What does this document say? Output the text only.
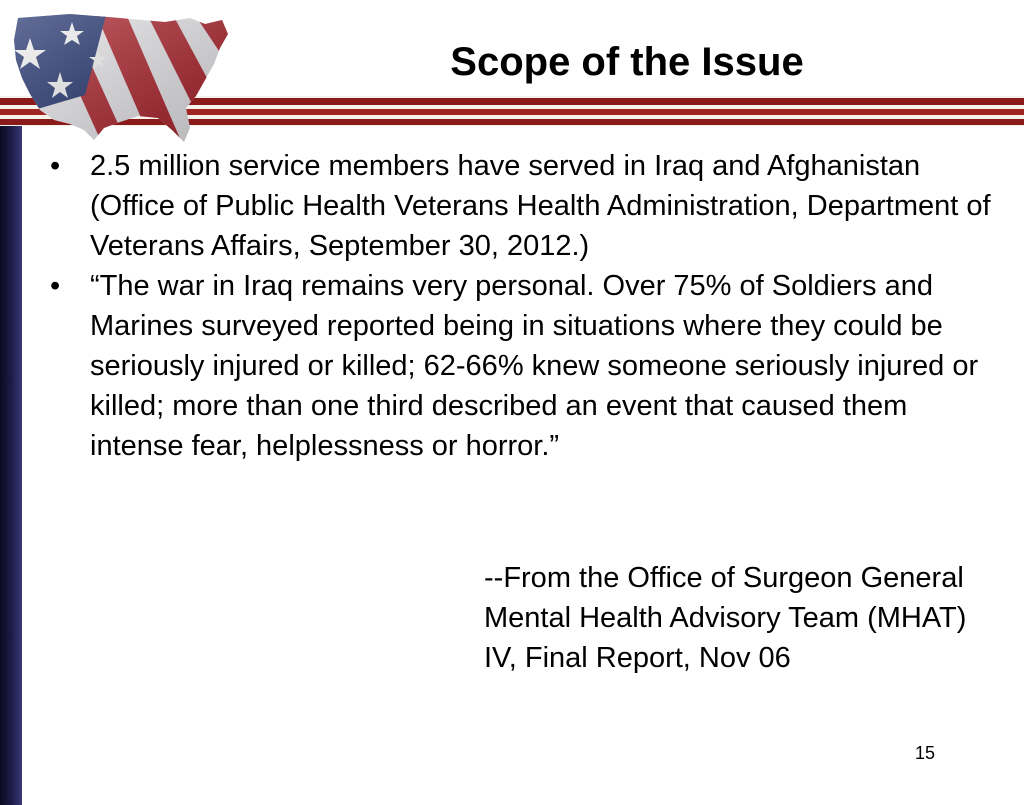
Scope of the Issue
•	2.5 million service members have served in Iraq and Afghanistan (Office of Public Health Veterans Health Administration, Department of Veterans Affairs, September 30, 2012.)
•	“The war in Iraq remains very personal. Over 75% of Soldiers and Marines surveyed reported being in situations where they could be seriously injured or killed; 62-66% knew someone seriously injured or killed; more than one third described an event that caused them intense fear, helplessness or horror.”
--From the Office of Surgeon General Mental Health Advisory Team (MHAT) IV, Final Report, Nov 06
15
